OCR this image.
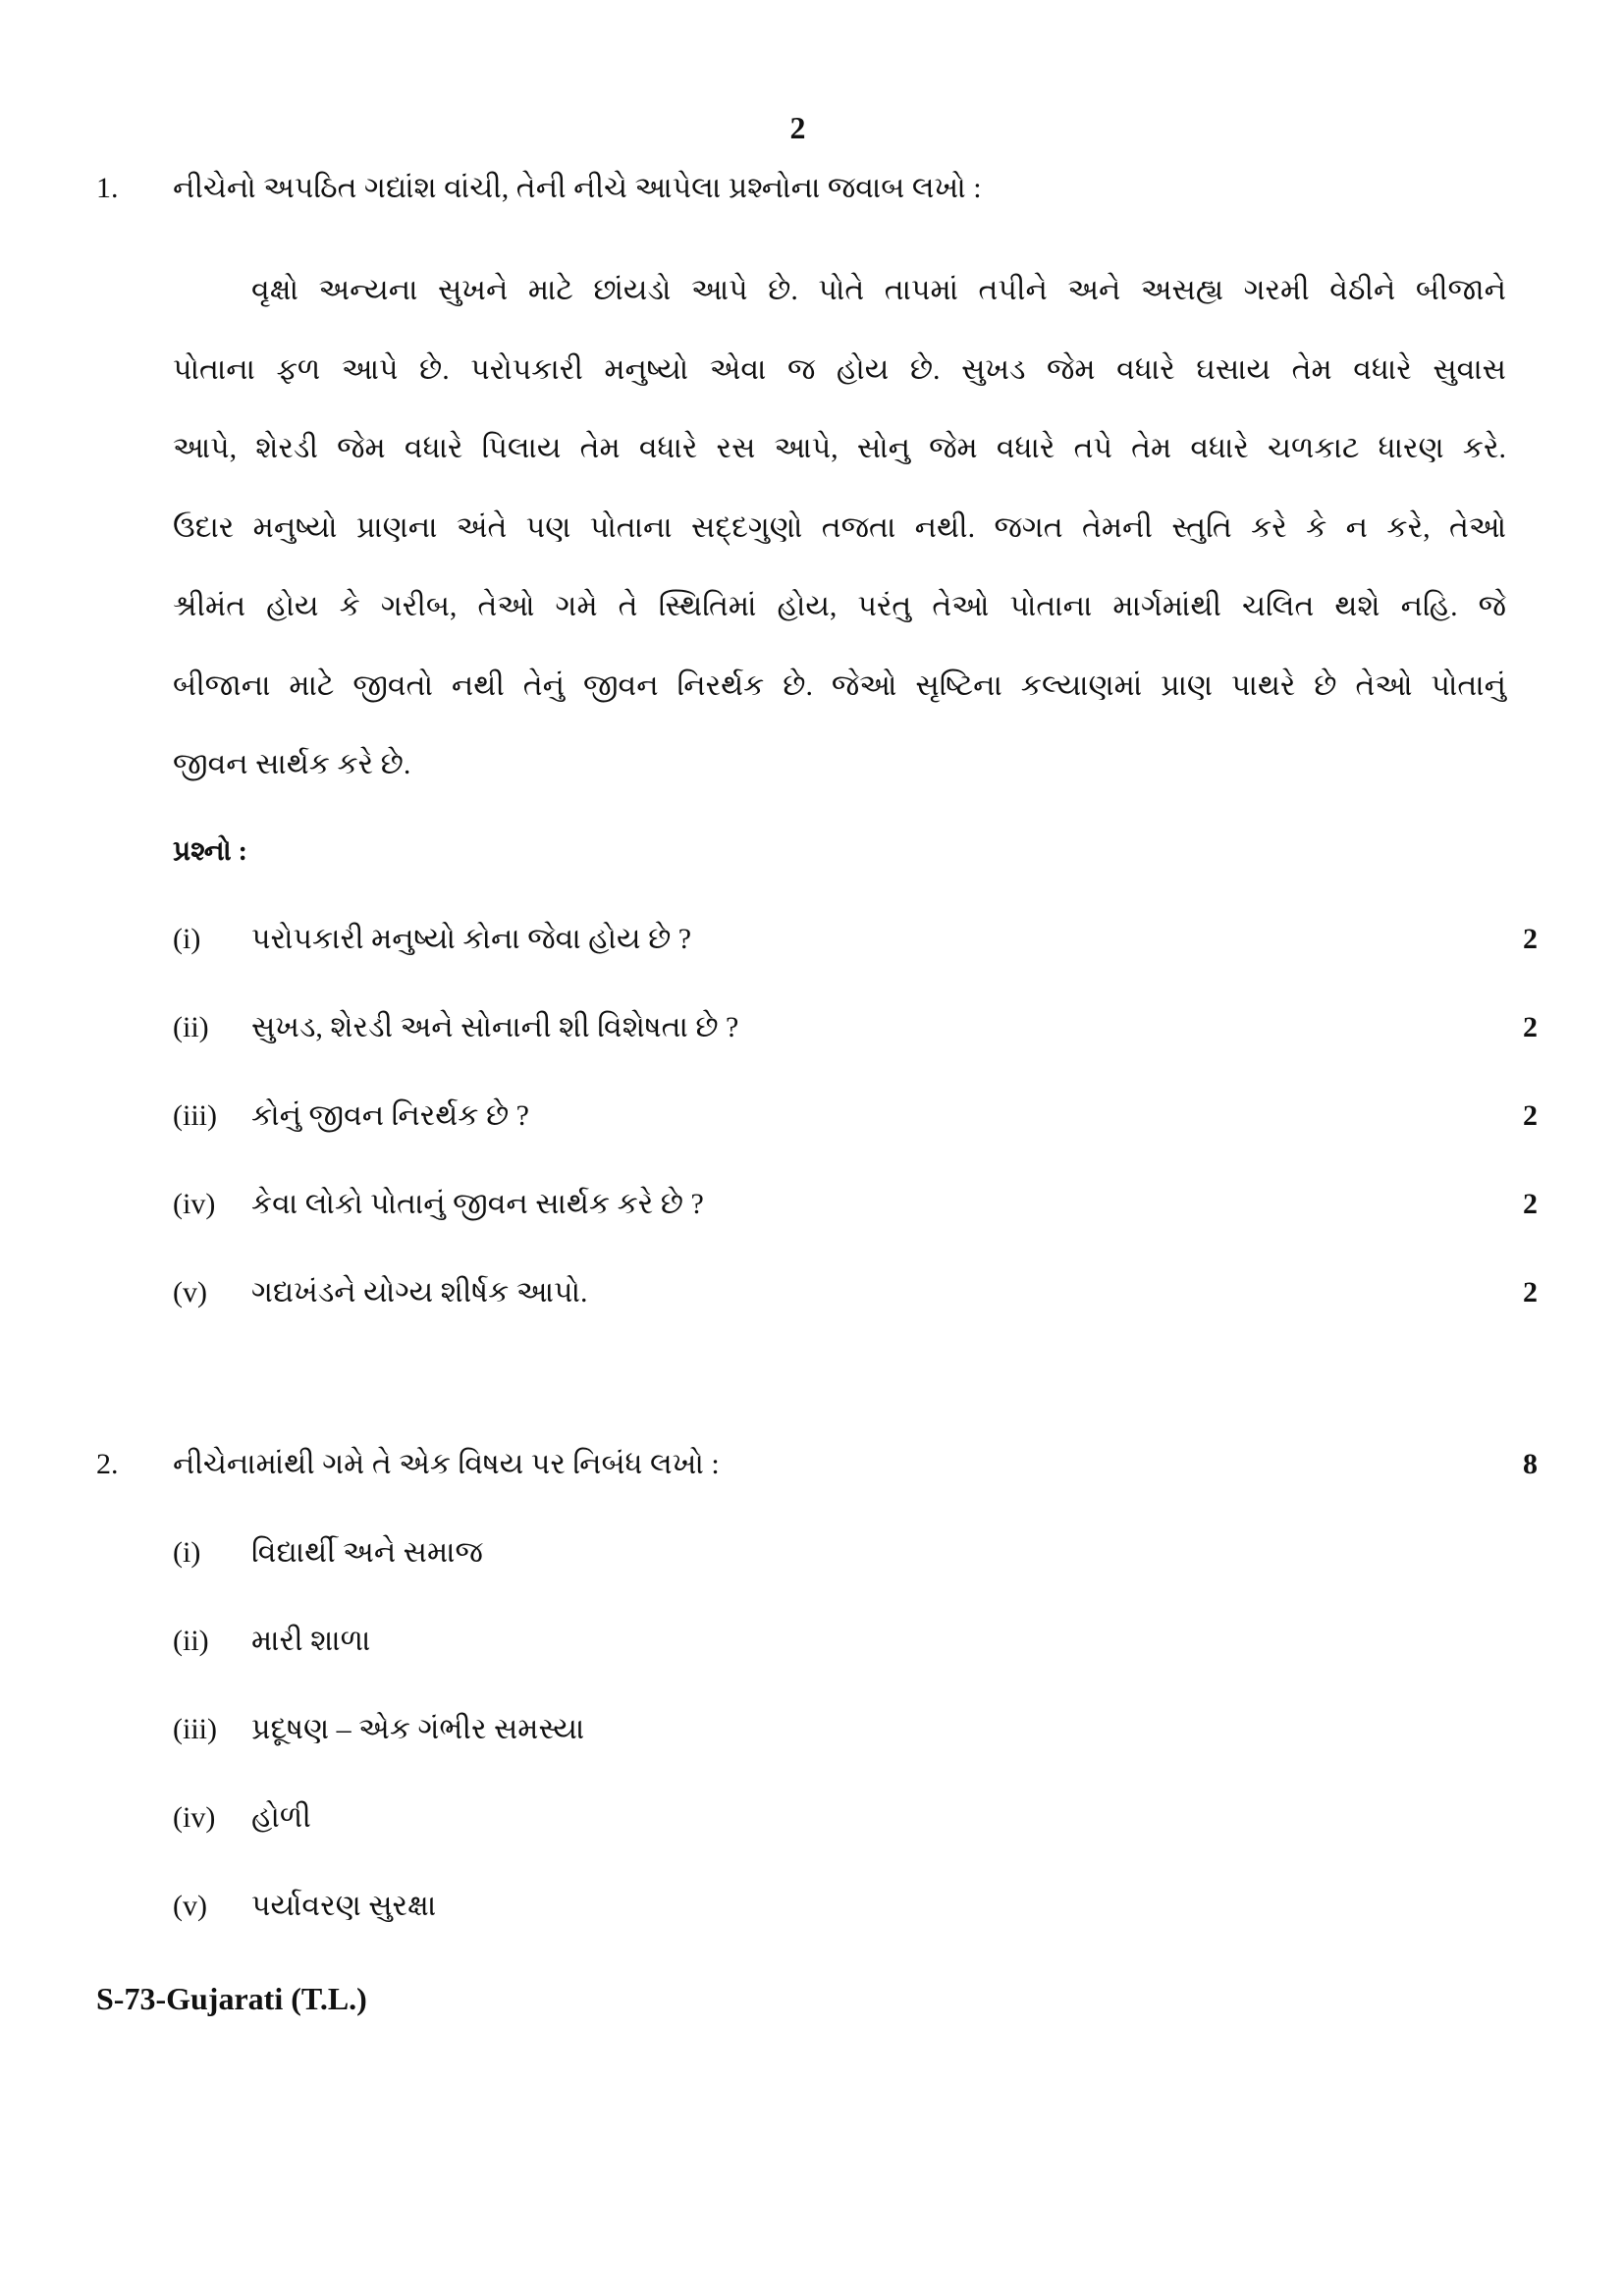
2
1. નીચેનો અપઠિત ગદ્યાંશ વાંચી, તેની નીચે આપેલા પ્રશ્નોના જવાબ લખો :
વૃક્ષો અન્યના સુખને માટે છાંયડો આપે છે. પોતે તાપમાં તપીને અને અસહ્ય ગરમી વેઠીને બીજાને
પોતાના ફળ આપે છે. પરોપકારી મનુષ્યો એવા જ હોય છે. સુખડ જેમ વધારે ઘસાય તેમ વધારે સુવાસ
આપે, શેરડી જેમ વધારે પિલાય તેમ વધારે રસ આપે, સોનુ જેમ વધારે તપે તેમ વધારે ચળકાટ ધારણ કરે.
ઉદાર મનુષ્યો પ્રાણના અંતે પણ પોતાના સદ્દગુણો તજતા નથી. જગત તેમની સ્તુતિ કરે કે ન કરે, તેઓ
શ્રીમંત હોય કે ગરીબ, તેઓ ગમે તે સ્થિતિમાં હોય, પરંતુ તેઓ પોતાના માર્ગમાંથી ચલિત થશે નહિ. જે
બીજાના માટે જીવતો નથી તેનું જીવન નિરર્થક છે. જેઓ સૃષ્ટિના કલ્યાણમાં પ્રાણ પાથરે છે તેઓ પોતાનું
જીવન સાર્થક કરે છે.
પ્રશ્નો :
(i)	પરોપકારી મનુષ્યો કોના જેવા હોય છે ?	2
(ii)	સુખડ, શેરડી અને સોનાની શી વિશેષતા છે ?	2
(iii)	કોનું જીવન નિરર્થક છે ?	2
(iv)	કેવા લોકો પોતાનું જીવન સાર્થક કરે છે ?	2
(v)	ગદ્યખંડને યોગ્ય શીર્ષક આપો.	2
2. નીચેનામાંથી ગમે તે એક વિષય પર નિબંધ લખો :	8
(i)	વિદ્યાર્થી અને સમાજ
(ii)	મારી શાળા
(iii)	પ્રદૂષણ – એક ગંભીર સમસ્યા
(iv)	હોળી
(v)	પર્યાવરણ સુરક્ષા
S-73-Gujarati (T.L.)
